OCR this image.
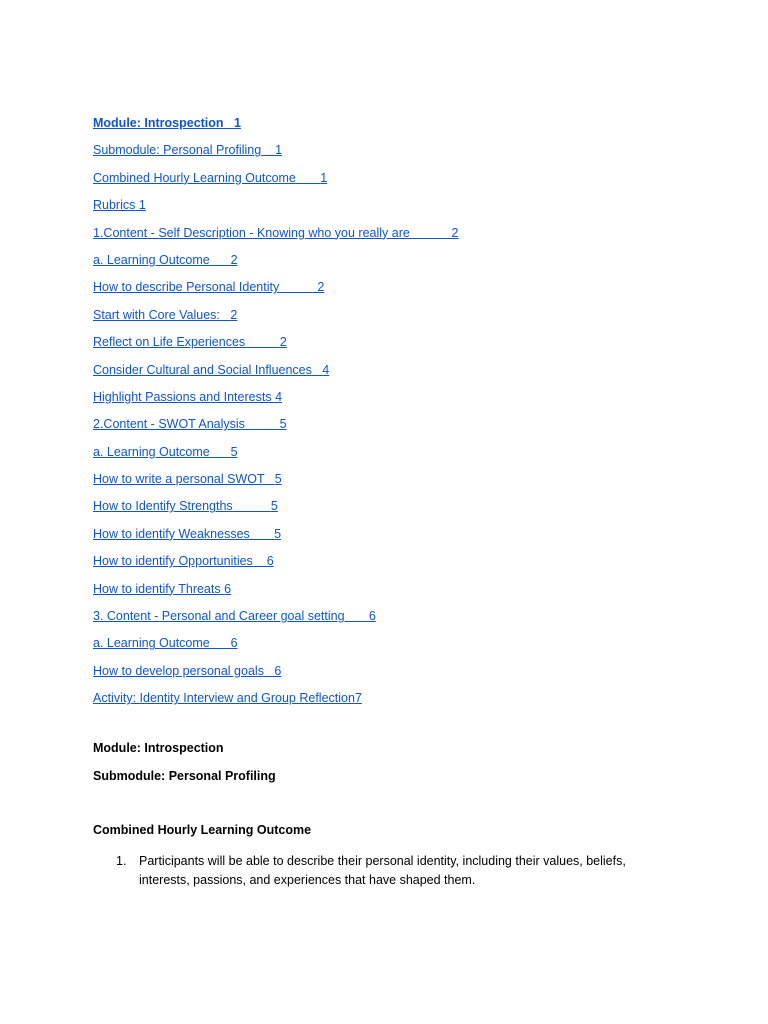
Module: Introspection 1
Submodule: Personal Profiling 1
Combined Hourly Learning Outcome 1
Rubrics 1
1.Content - Self Description - Knowing who you really are	2
a. Learning Outcome 2
How to describe Personal Identity	2
Start with Core Values: 2
Reflect on Life Experiences	2
Consider Cultural and Social Influences 4
Highlight Passions and Interests 4
2.Content - SWOT Analysis	5
a. Learning Outcome 5
How to write a personal SWOT 5
How to Identify Strengths	5
How to identify Weaknesses 5
How to identify Opportunities 6
How to identify Threats 6
3. Content - Personal and Career goal setting 6
a. Learning Outcome 6
How to develop personal goals 6
Activity: Identity Interview and Group Reflection7
Module: Introspection
Submodule: Personal Profiling
Combined Hourly Learning Outcome
1.	Participants will be able to describe their personal identity, including their values, beliefs, interests, passions, and experiences that have shaped them.
